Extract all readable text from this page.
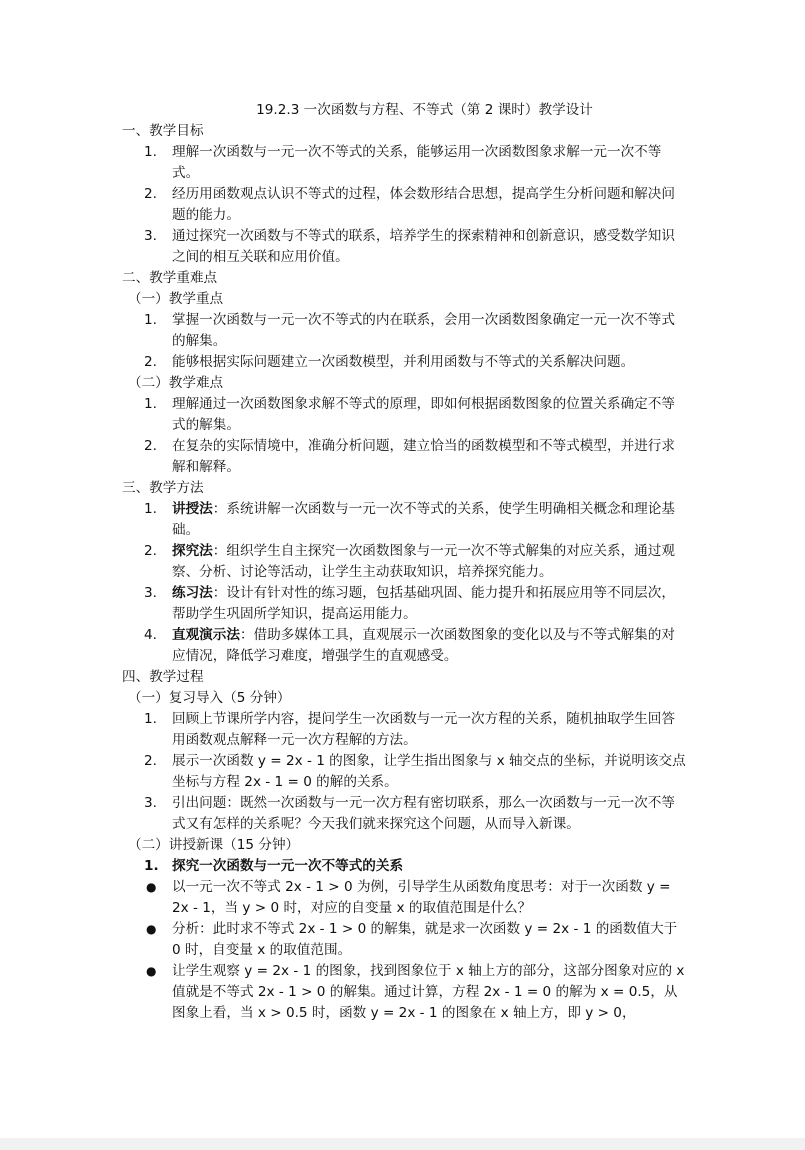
19.2.3 一次函数与方程、不等式（第 2 课时）教学设计
一、教学目标
1. 理解一次函数与一元一次不等式的关系，能够运用一次函数图象求解一元一次不等式。
2. 经历用函数观点认识不等式的过程，体会数形结合思想，提高学生分析问题和解决问题的能力。
3. 通过探究一次函数与不等式的联系，培养学生的探索精神和创新意识，感受数学知识之间的相互关联和应用价值。
二、教学重难点
（一）教学重点
1. 掌握一次函数与一元一次不等式的内在联系，会用一次函数图象确定一元一次不等式的解集。
2. 能够根据实际问题建立一次函数模型，并利用函数与不等式的关系解决问题。
（二）教学难点
1. 理解通过一次函数图象求解不等式的原理，即如何根据函数图象的位置关系确定不等式的解集。
2. 在复杂的实际情境中，准确分析问题，建立恰当的函数模型和不等式模型，并进行求解和解释。
三、教学方法
1. 讲授法：系统讲解一次函数与一元一次不等式的关系，使学生明确相关概念和理论基础。
2. 探究法：组织学生自主探究一次函数图象与一元一次不等式解集的对应关系，通过观察、分析、讨论等活动，让学生主动获取知识，培养探究能力。
3. 练习法：设计有针对性的练习题，包括基础巩固、能力提升和拓展应用等不同层次，帮助学生巩固所学知识，提高运用能力。
4. 直观演示法：借助多媒体工具，直观展示一次函数图象的变化以及与不等式解集的对应情况，降低学习难度，增强学生的直观感受。
四、教学过程
（一）复习导入（5 分钟）
1. 回顾上节课所学内容，提问学生一次函数与一元一次方程的关系，随机抽取学生回答用函数观点解释一元一次方程解的方法。
2. 展示一次函数 y = 2x - 1 的图象，让学生指出图象与 x 轴交点的坐标，并说明该交点坐标与方程 2x - 1 = 0 的解的关系。
3. 引出问题：既然一次函数与一元一次方程有密切联系，那么一次函数与一元一次不等式又有怎样的关系呢？今天我们就来探究这个问题，从而导入新课。
（二）讲授新课（15 分钟）
1. 探究一次函数与一元一次不等式的关系
● 以一元一次不等式 2x - 1 > 0 为例，引导学生从函数角度思考：对于一次函数 y = 2x - 1，当 y > 0 时，对应的自变量 x 的取值范围是什么？
● 分析：此时求不等式 2x - 1 > 0 的解集，就是求一次函数 y = 2x - 1 的函数值大于 0 时，自变量 x 的取值范围。
● 让学生观察 y = 2x - 1 的图象，找到图象位于 x 轴上方的部分，这部分图象对应的 x 值就是不等式 2x - 1 > 0 的解集。通过计算，方程 2x - 1 = 0 的解为 x = 0.5，从图象上看，当 x > 0.5 时，函数 y = 2x - 1 的图象在 x 轴上方，即 y > 0，
